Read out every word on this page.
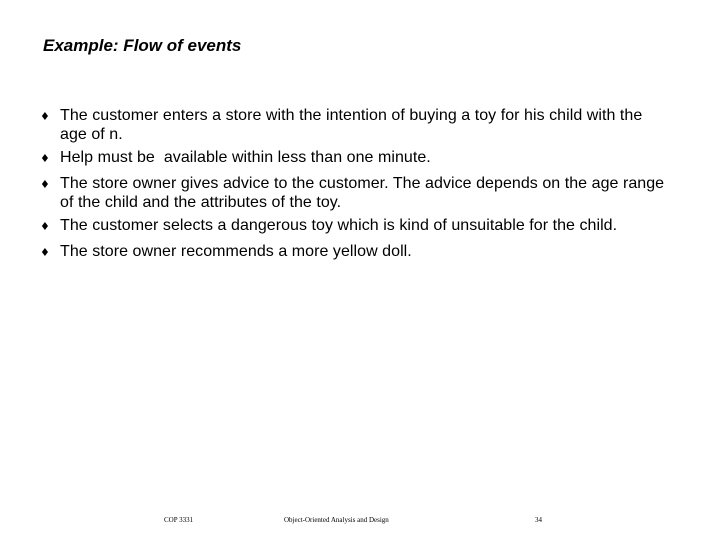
Example: Flow of events
♦ The customer enters a store with the intention of buying a toy for his child with the age of n.
♦ Help must be  available within less than one minute.
♦ The store owner gives advice to the customer. The advice depends on the age range of the child and the attributes of the toy.
♦ The customer selects a dangerous toy which is kind of unsuitable for the child.
♦ The store owner recommends a more yellow doll.
COP 3331	Object-Oriented Analysis and Design	34
